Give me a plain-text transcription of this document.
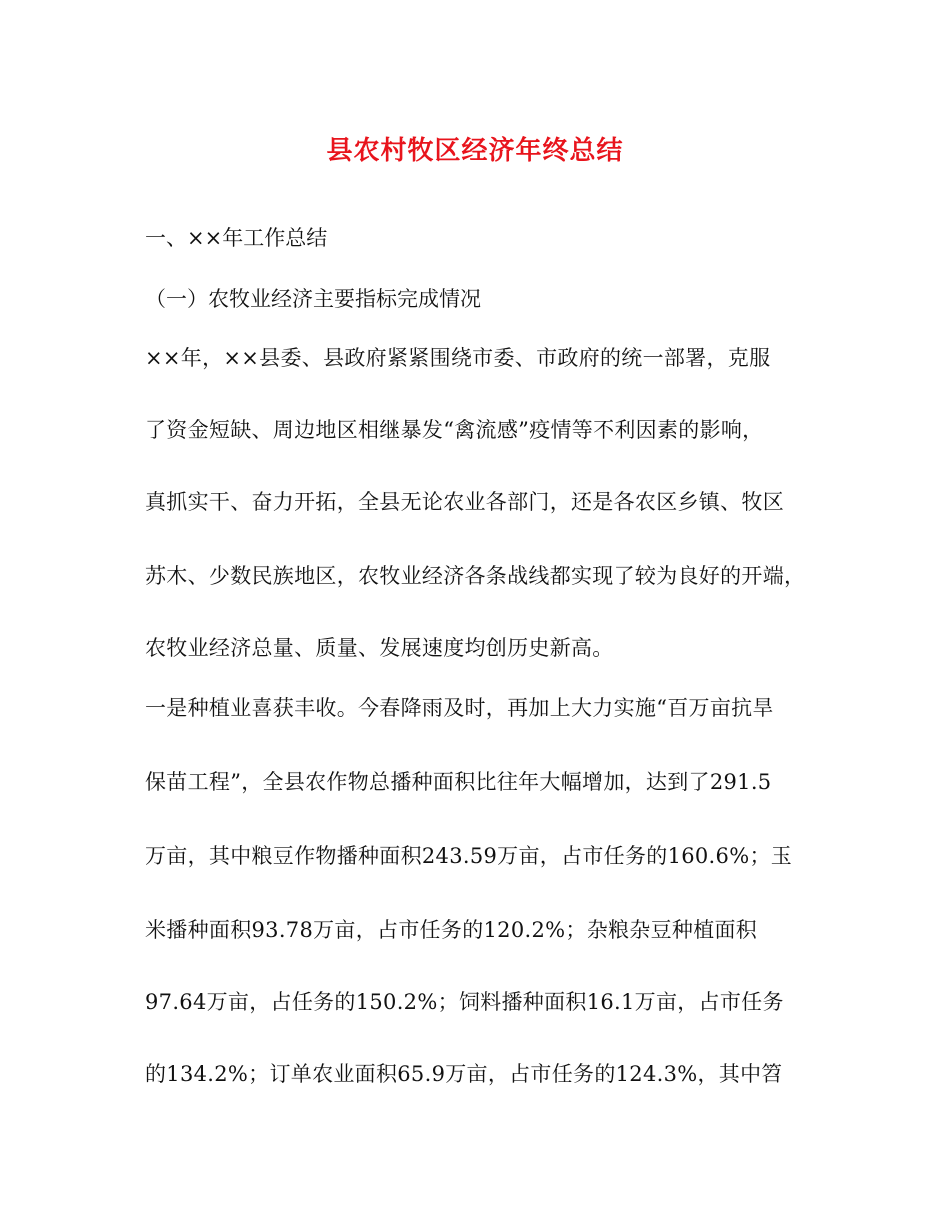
县农村牧区经济年终总结
一、××年工作总结
（一）农牧业经济主要指标完成情况
××年，××县委、县政府紧紧围绕市委、市政府的统一部署，克服
了资金短缺、周边地区相继暴发“禽流感”疫情等不利因素的影响，
真抓实干、奋力开拓，全县无论农业各部门，还是各农区乡镇、牧区
苏木、少数民族地区，农牧业经济各条战线都实现了较为良好的开端，
农牧业经济总量、质量、发展速度均创历史新高。
一是种植业喜获丰收。今春降雨及时，再加上大力实施“百万亩抗旱
保苗工程”，全县农作物总播种面积比往年大幅增加，达到了291.5
万亩，其中粮豆作物播种面积243.59万亩，占市任务的160.6%；玉
米播种面积93.78万亩，占市任务的120.2%；杂粮杂豆种植面积
97.64万亩，占任务的150.2%；饲料播种面积16.1万亩，占市任务
的134.2%；订单农业面积65.9万亩，占市任务的124.3%，其中笤
